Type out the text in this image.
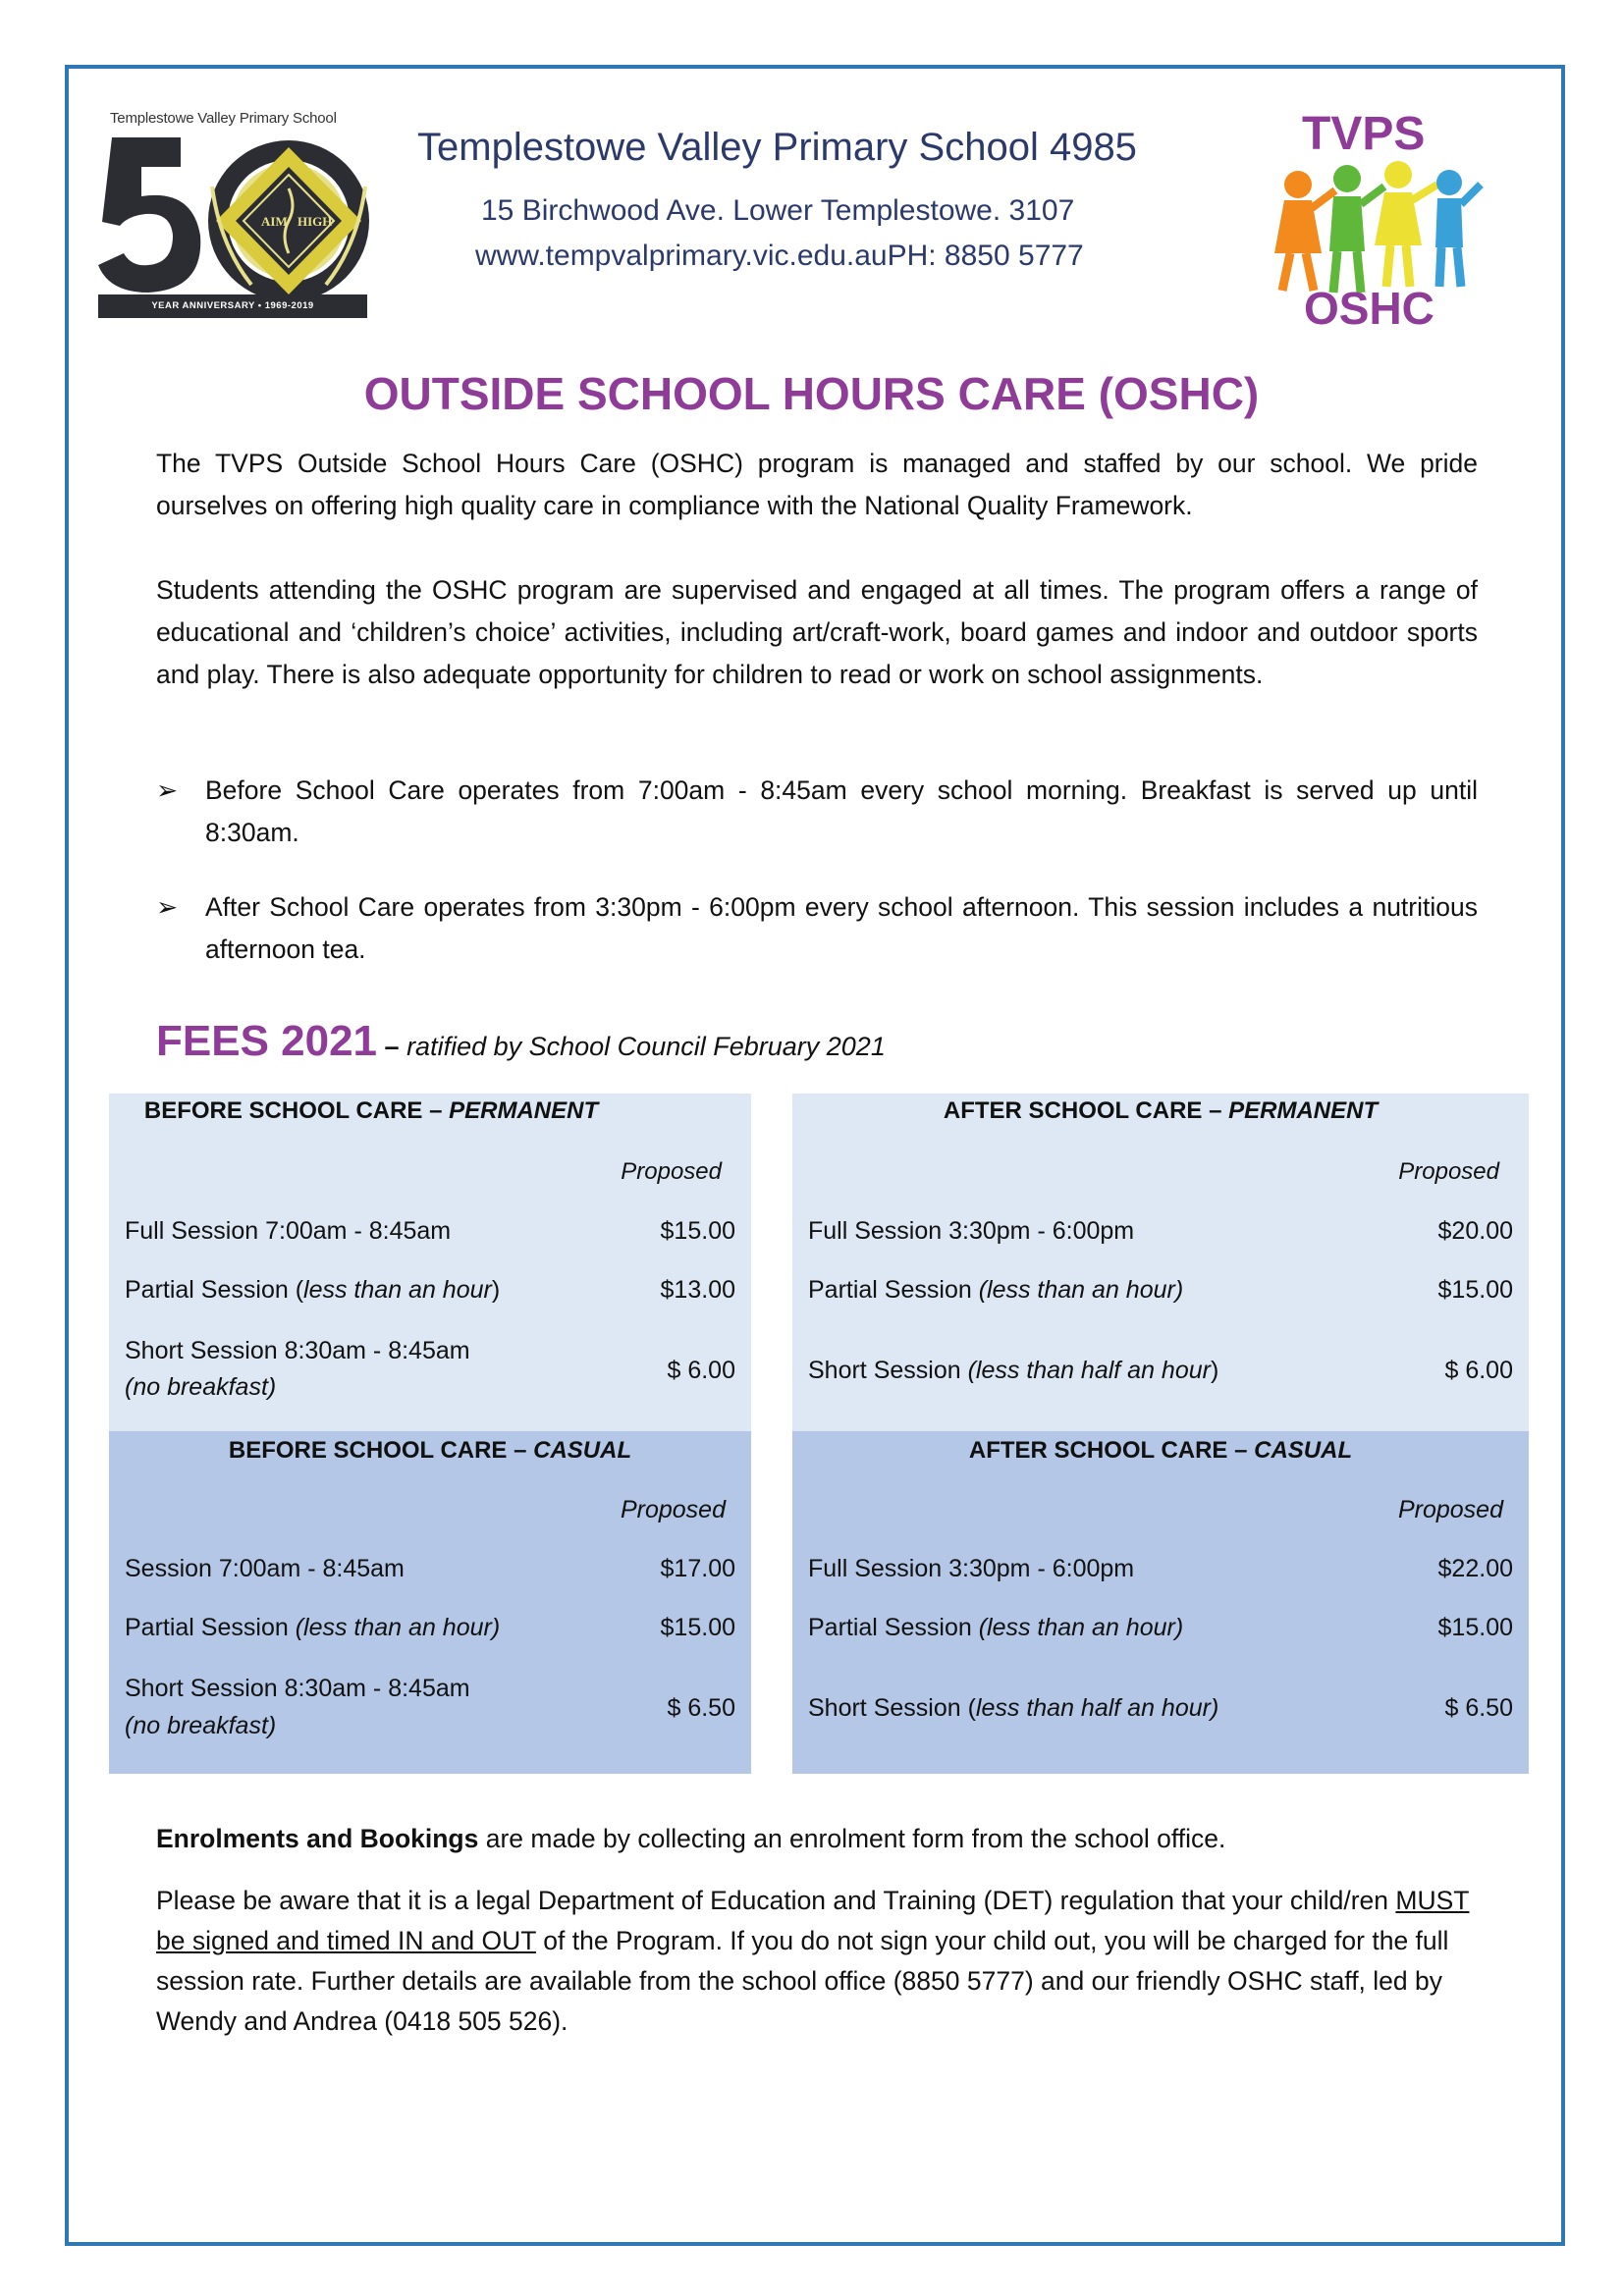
Templestowe Valley Primary School
AIM HIGH
YEAR ANNIVERSARY • 1969-2019
Templestowe Valley Primary School 4985
15 Birchwood Ave. Lower Templestowe. 3107
www.tempvalprimary.vic.edu.auPH: 8850 5777
TVPS
OSHC
OUTSIDE SCHOOL HOURS CARE (OSHC)
The TVPS Outside School Hours Care (OSHC) program is managed and staffed by our school. We pride ourselves on offering high quality care in compliance with the National Quality Framework.
Students attending the OSHC program are supervised and engaged at all times. The program offers a range of educational and ‘children’s choice’ activities, including art/craft-work, board games and indoor and outdoor sports and play. There is also adequate opportunity for children to read or work on school assignments.
➢ Before School Care operates from 7:00am - 8:45am every school morning. Breakfast is served up until 8:30am.
➢ After School Care operates from 3:30pm - 6:00pm every school afternoon. This session includes a nutritious afternoon tea.
FEES 2021 – ratified by School Council February 2021
BEFORE SCHOOL CARE – PERMANENT
Proposed
Full Session 7:00am - 8:45am	$15.00
Partial Session (less than an hour)	$13.00
Short Session 8:30am - 8:45am
(no breakfast)
$ 6.00
BEFORE SCHOOL CARE – CASUAL
Proposed
Session 7:00am - 8:45am	$17.00
Partial Session (less than an hour)	$15.00
Short Session 8:30am - 8:45am
(no breakfast)
$ 6.50
AFTER SCHOOL CARE – PERMANENT
Proposed
Full Session 3:30pm - 6:00pm	$20.00
Partial Session (less than an hour)	$15.00
Short Session (less than half an hour)	$ 6.00
AFTER SCHOOL CARE – CASUAL
Proposed
Full Session 3:30pm - 6:00pm	$22.00
Partial Session (less than an hour)	$15.00
Short Session (less than half an hour)	$ 6.50
Enrolments and Bookings are made by collecting an enrolment form from the school office.
Please be aware that it is a legal Department of Education and Training (DET) regulation that your child/ren MUST be signed and timed IN and OUT of the Program. If you do not sign your child out, you will be charged for the full session rate. Further details are available from the school office (8850 5777) and our friendly OSHC staff, led by Wendy and Andrea (0418 505 526).
